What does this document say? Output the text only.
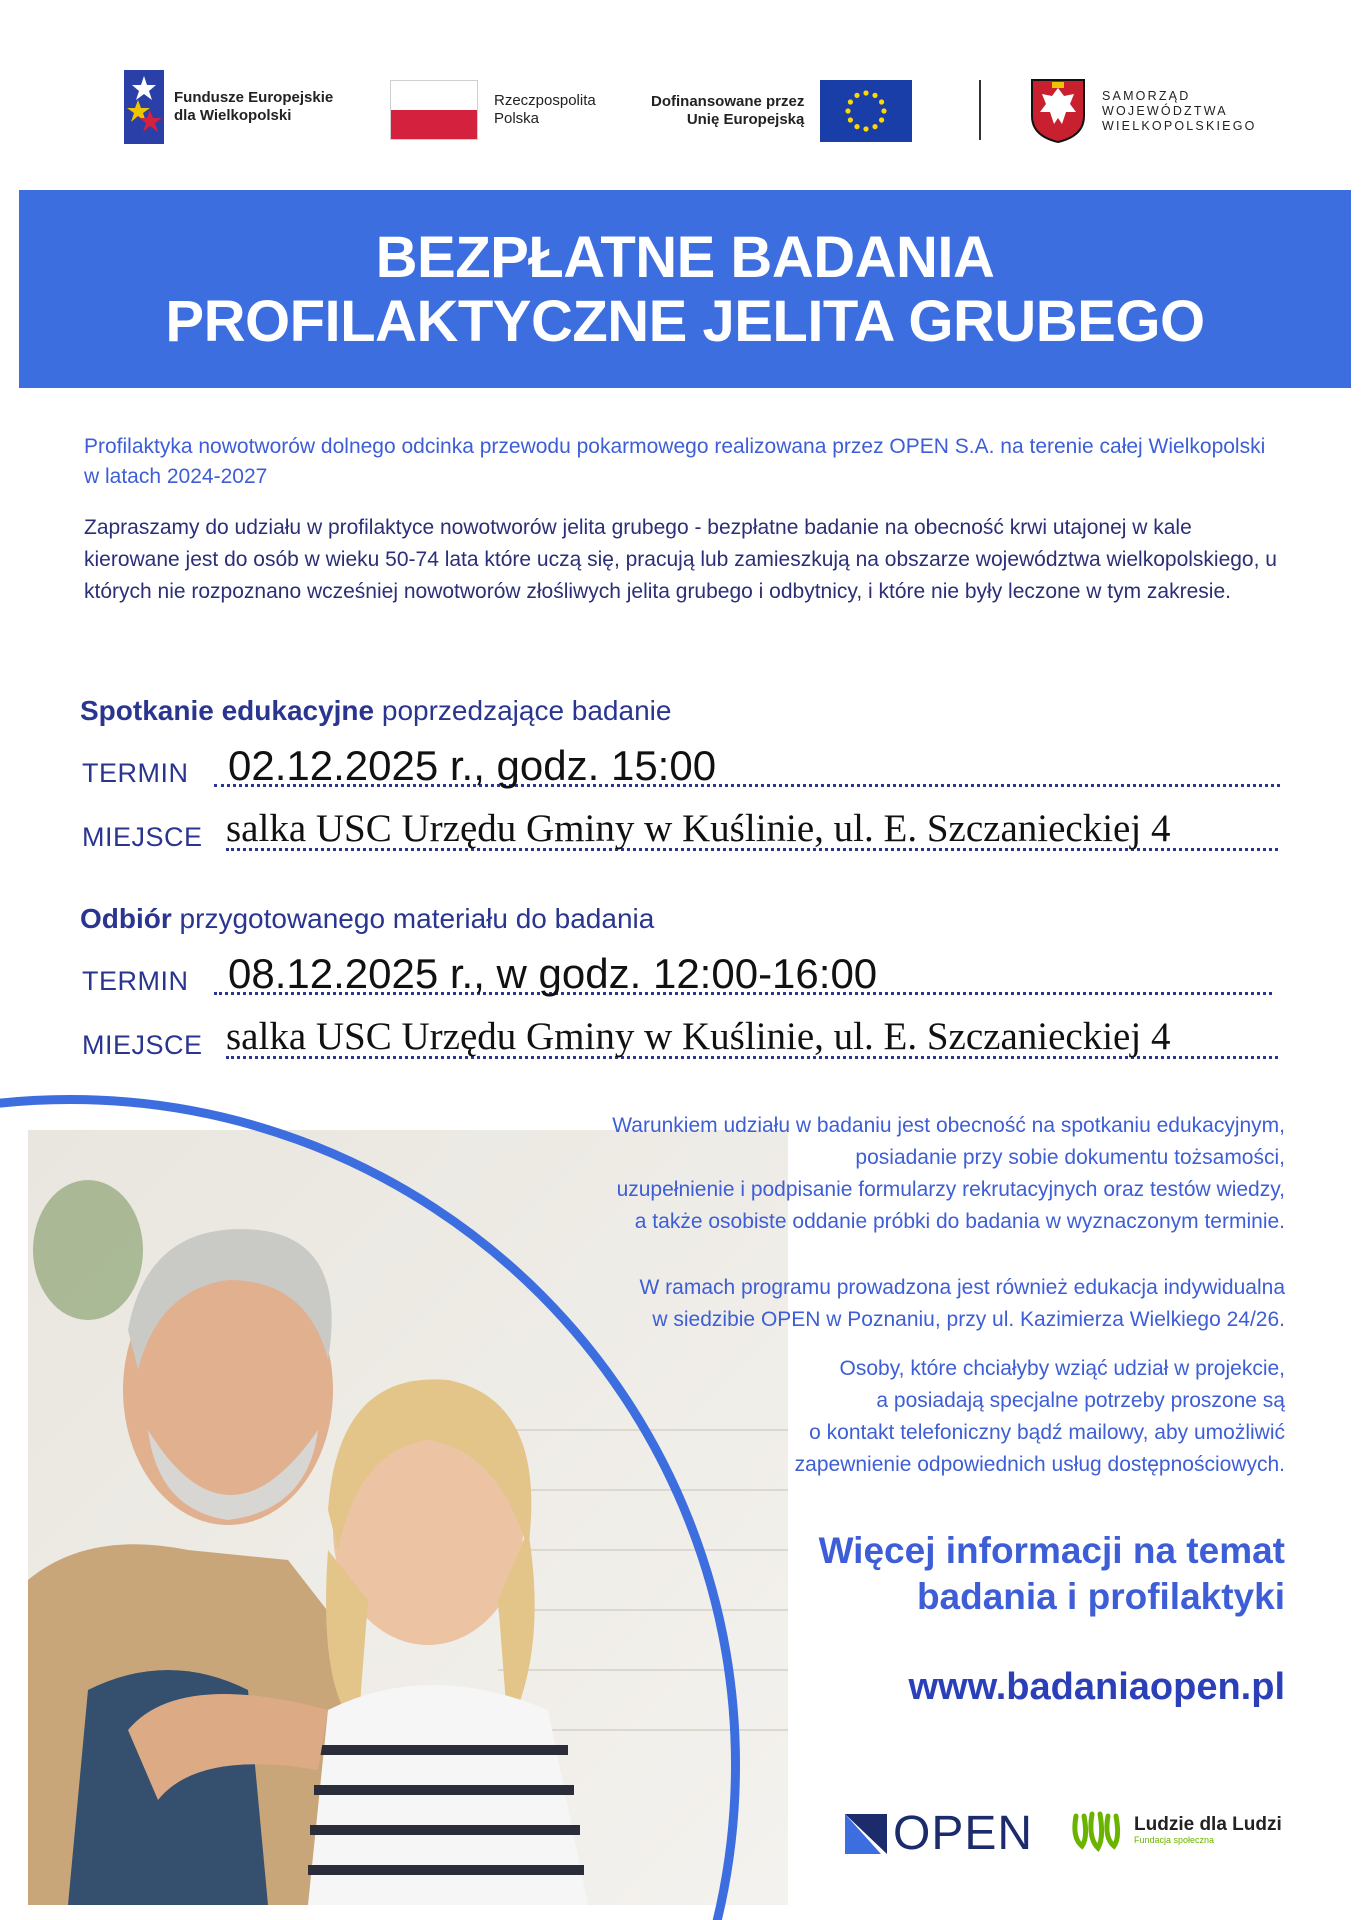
Fundusze Europejskie
dla Wielkopolski
Rzeczpospolita
Polska
Dofinansowane przez
Unię Europejską
SAMORZĄD
WOJEWÓDZTWA
WIELKOPOLSKIEGO
BEZPŁATNE BADANIA
PROFILAKTYCZNE JELITA GRUBEGO
Profilaktyka nowotworów dolnego odcinka przewodu pokarmowego realizowana przez OPEN S.A. na terenie całej Wielkopolski w latach 2024-2027
Zapraszamy do udziału w profilaktyce nowotworów jelita grubego - bezpłatne badanie na obecność krwi utajonej w kale kierowane jest do osób w wieku 50-74 lata które uczą się, pracują lub zamieszkują na obszarze województwa wielkopolskiego, u których nie rozpoznano wcześniej nowotworów złośliwych jelita grubego i odbytnicy, i które nie były leczone w tym zakresie.
Spotkanie edukacyjne poprzedzające badanie
TERMIN 02.12.2025 r., godz. 15:00
MIEJSCE salka USC Urzędu Gminy w Kuślinie, ul. E. Szczanieckiej 4
Odbiór przygotowanego materiału do badania
TERMIN 08.12.2025 r., w godz. 12:00-16:00
MIEJSCE salka USC Urzędu Gminy w Kuślinie, ul. E. Szczanieckiej 4
Warunkiem udziału w badaniu jest obecność na spotkaniu edukacyjnym,
posiadanie przy sobie dokumentu tożsamości,
uzupełnienie i podpisanie formularzy rekrutacyjnych oraz testów wiedzy,
a także osobiste oddanie próbki do badania w wyznaczonym terminie.
W ramach programu prowadzona jest również edukacja indywidualna
w siedzibie OPEN w Poznaniu, przy ul. Kazimierza Wielkiego 24/26.
Osoby, które chciałyby wziąć udział w projekcie,
a posiadają specjalne potrzeby proszone są
o kontakt telefoniczny bądź mailowy, aby umożliwić
zapewnienie odpowiednich usług dostępnościowych.
Więcej informacji na temat
badania i profilaktyki
www.badaniaopen.pl
OPEN	Ludzie dla Ludzi
Fundacja społeczna
